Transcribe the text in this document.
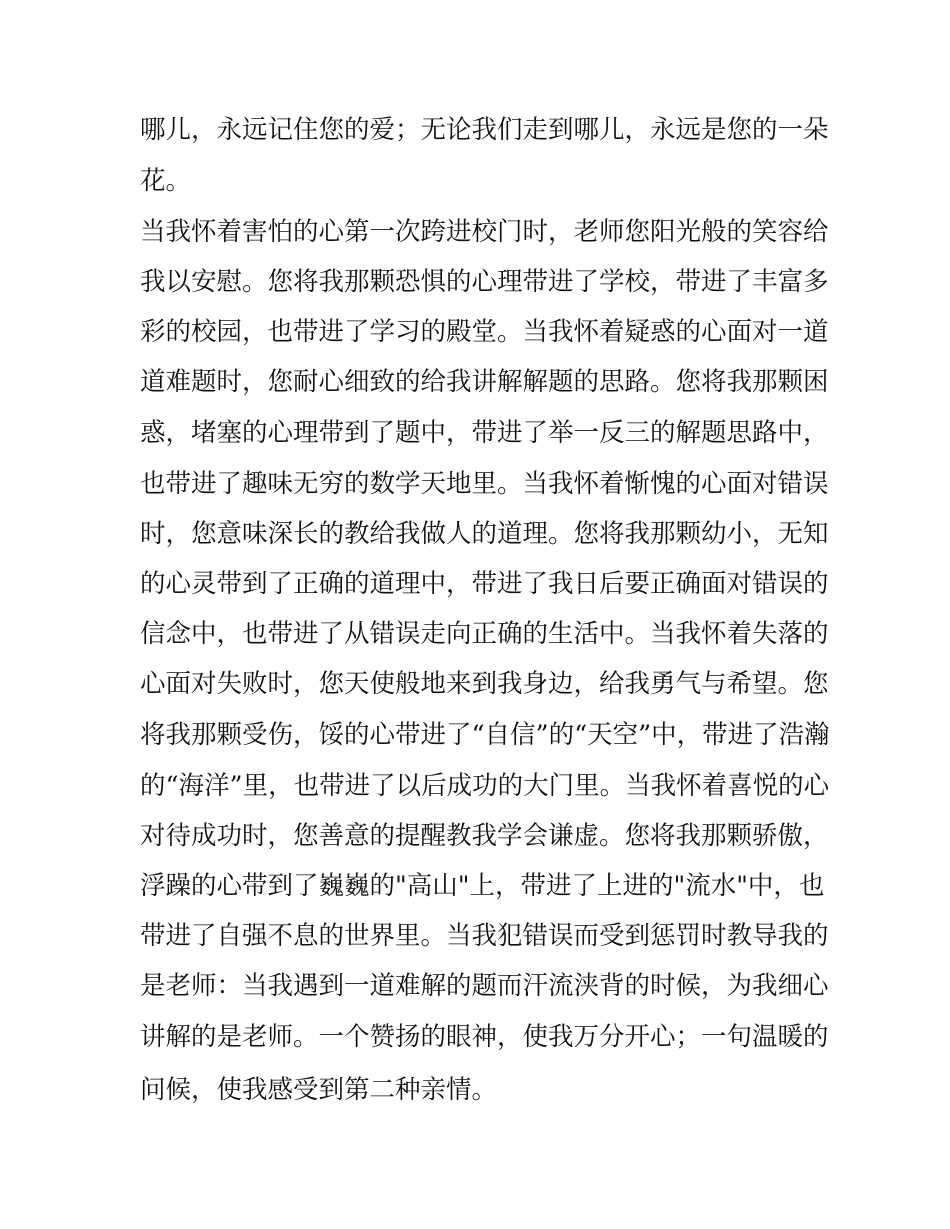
哪儿，永远记住您的爱；无论我们走到哪儿，永远是您的一朵
花。
当我怀着害怕的心第一次跨进校门时，老师您阳光般的笑容给
我以安慰。您将我那颗恐惧的心理带进了学校，带进了丰富多
彩的校园，也带进了学习的殿堂。当我怀着疑惑的心面对一道
道难题时，您耐心细致的给我讲解解题的思路。您将我那颗困
惑，堵塞的心理带到了题中，带进了举一反三的解题思路中，
也带进了趣味无穷的数学天地里。当我怀着惭愧的心面对错误
时，您意味深长的教给我做人的道理。您将我那颗幼小，无知
的心灵带到了正确的道理中，带进了我日后要正确面对错误的
信念中，也带进了从错误走向正确的生活中。当我怀着失落的
心面对失败时，您天使般地来到我身边，给我勇气与希望。您
将我那颗受伤，馁的心带进了“自信”的“天空”中，带进了浩瀚
的“海洋”里，也带进了以后成功的大门里。当我怀着喜悦的心
对待成功时，您善意的提醒教我学会谦虚。您将我那颗骄傲，
浮躁的心带到了巍巍的"高山"上，带进了上进的"流水"中，也
带进了自强不息的世界里。当我犯错误而受到惩罚时教导我的
是老师：当我遇到一道难解的题而汗流浃背的时候，为我细心
讲解的是老师。一个赞扬的眼神，使我万分开心；一句温暖的
问候，使我感受到第二种亲情。
